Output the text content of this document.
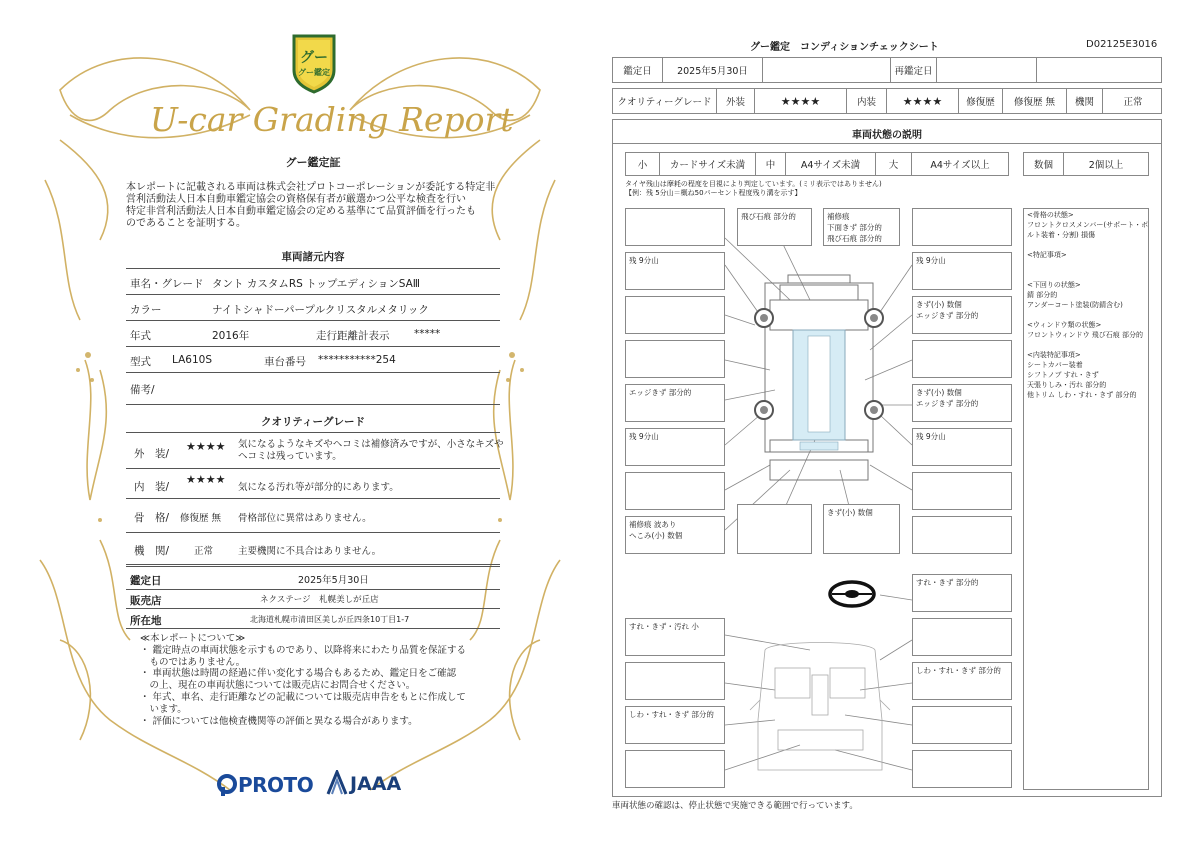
グー
グー鑑定
U-car Grading Report
グー鑑定証
本レポートに記載される車両は株式会社プロトコーポレーションが委託する特定非
営利活動法人日本自動車鑑定協会の資格保有者が厳選かつ公平な検査を行い
特定非営利活動法人日本自動車鑑定協会の定める基準にて品質評価を行ったも
のであることを証明する。
車両諸元内容
車名・グレード タント カスタムRS トップエディションSAⅢ
カラー	ナイトシャドーパープルクリスタルメタリック
年式	2016年	走行距離計表示 *****
型式 LA610S	車台番号 ***********254
備考/
クオリティーグレード
外　装/
★★★★ 気になるようなキズやヘコミは補修済みですが、小さなキズや
ヘコミは残っています。
内　装/
★★★★
気になる汚れ等が部分的にあります。
骨　格/ 修復歴 無 骨格部位に異常はありません。
機　関/	正常	主要機関に不具合はありません。
鑑定日	2025年5月30日
販売店	ネクステージ　札幌美しが丘店
所在地	北海道札幌市清田区美しが丘四条10丁目1-7
≪本レポートについて≫
・ 鑑定時点の車両状態を示すものであり、以降将来にわたり品質を保証する
　ものではありません。
・ 車両状態は時間の経過に伴い変化する場合もあるため、鑑定日をご確認
　の上、現在の車両状態については販売店にお問合せください。
・ 年式、車名、走行距離などの記載については販売店申告をもとに作成して
　います。
・ 評価については他検査機関等の評価と異なる場合があります。
PROTO JAAA
グー鑑定　コンディションチェックシート	D02125E3016
鑑定日	2025年5月30日	再鑑定日
クオリティーグレード	外装	★★★★	内装	★★★★	修復歴	修復歴 無	機関	正常
車両状態の説明
小	カードサイズ未満	中	A4サイズ未満	大	A4サイズ以上	数個	2個以上
タイヤ残山は摩耗の程度を目視により判定しています。(ミリ表示ではありません)
【例：残 5分山＝概ね50パーセント程度残り溝を示す】
飛び石痕 部分的	補修痕
下面きず 部分的
飛び石痕 部分的
残 9分山	残 9分山
きず(小) 数個
エッジきず 部分的
エッジきず 部分的	きず(小) 数個
エッジきず 部分的
残 9分山	残 9分山
補修痕 波あり
へこみ(小) 数個
きず(小) 数個
すれ・きず 部分的
すれ・きず・汚れ 小
しわ・すれ・きず 部分的
しわ・すれ・きず 部分的
<骨格の状態>
フロントクロスメンバー(サポート・ボ
ルト装着・分割) 損傷

<特記事項>

<下回りの状態>
錆 部分的
アンダーコート塗装(防錆含む)

<ウィンドウ類の状態>
フロントウィンドウ 飛び石痕 部分的

<内装特記事項>
シートカバー装着
シフトノブ すれ・きず
天張りしみ・汚れ 部分的
他トリム しわ・すれ・きず 部分的
車両状態の確認は、停止状態で実施できる範囲で行っています。
